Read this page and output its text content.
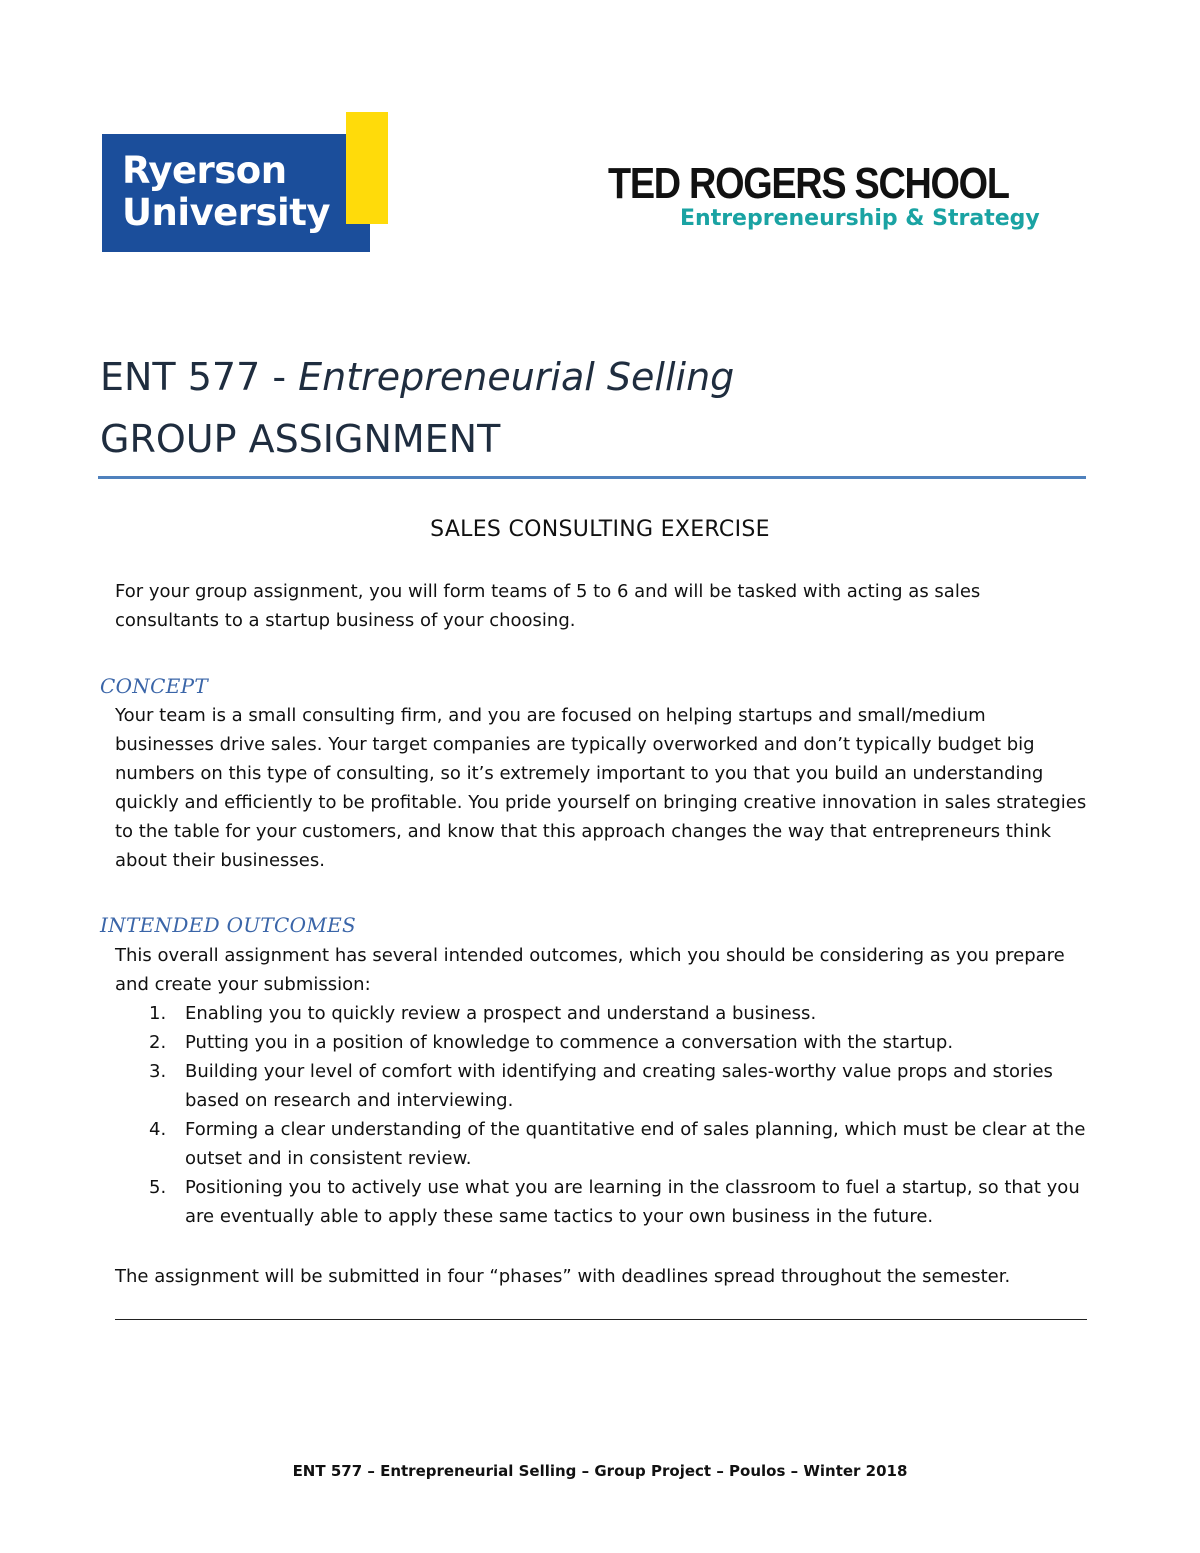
Ryerson
University
TED ROGERS SCHOOL
Entrepreneurship & Strategy
ENT 577 - Entrepreneurial Selling
GROUP ASSIGNMENT
SALES CONSULTING EXERCISE
For your group assignment, you will form teams of 5 to 6 and will be tasked with acting as sales consultants to a startup business of your choosing.
CONCEPT
Your team is a small consulting firm, and you are focused on helping startups and small/medium businesses drive sales. Your target companies are typically overworked and don’t typically budget big numbers on this type of consulting, so it’s extremely important to you that you build an understanding quickly and efficiently to be profitable. You pride yourself on bringing creative innovation in sales strategies to the table for your customers, and know that this approach changes the way that entrepreneurs think about their businesses.
INTENDED OUTCOMES
This overall assignment has several intended outcomes, which you should be considering as you prepare and create your submission:
1. Enabling you to quickly review a prospect and understand a business.
2. Putting you in a position of knowledge to commence a conversation with the startup.
3. Building your level of comfort with identifying and creating sales-worthy value props and stories based on research and interviewing.
4. Forming a clear understanding of the quantitative end of sales planning, which must be clear at the outset and in consistent review.
5. Positioning you to actively use what you are learning in the classroom to fuel a startup, so that you are eventually able to apply these same tactics to your own business in the future.
The assignment will be submitted in four “phases” with deadlines spread throughout the semester.
ENT 577 – Entrepreneurial Selling – Group Project – Poulos – Winter 2018
